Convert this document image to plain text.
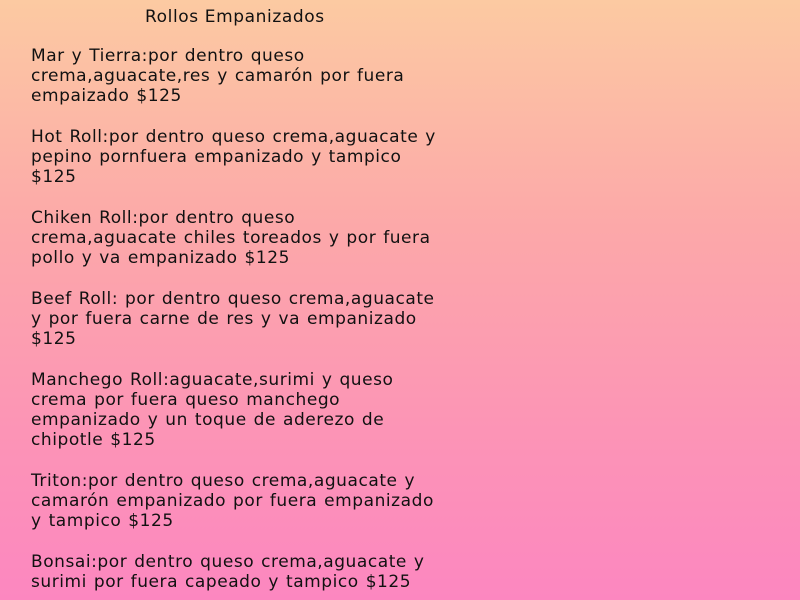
Rollos Empanizados
Mar y Tierra:por dentro queso
crema,aguacate,res y camarón por fuera
empaizado $125
Hot Roll:por dentro queso crema,aguacate y
pepino pornfuera empanizado y tampico
$125
Chiken Roll:por dentro queso
crema,aguacate chiles toreados y por fuera
pollo y va empanizado $125
Beef Roll: por dentro queso crema,aguacate
y por fuera carne de res y va empanizado
$125
Manchego Roll:aguacate,surimi y queso
crema por fuera queso manchego
empanizado y un toque de aderezo de
chipotle $125
Triton:por dentro queso crema,aguacate y
camarón empanizado por fuera empanizado
y tampico $125
Bonsai:por dentro queso crema,aguacate y
surimi por fuera capeado y tampico $125
